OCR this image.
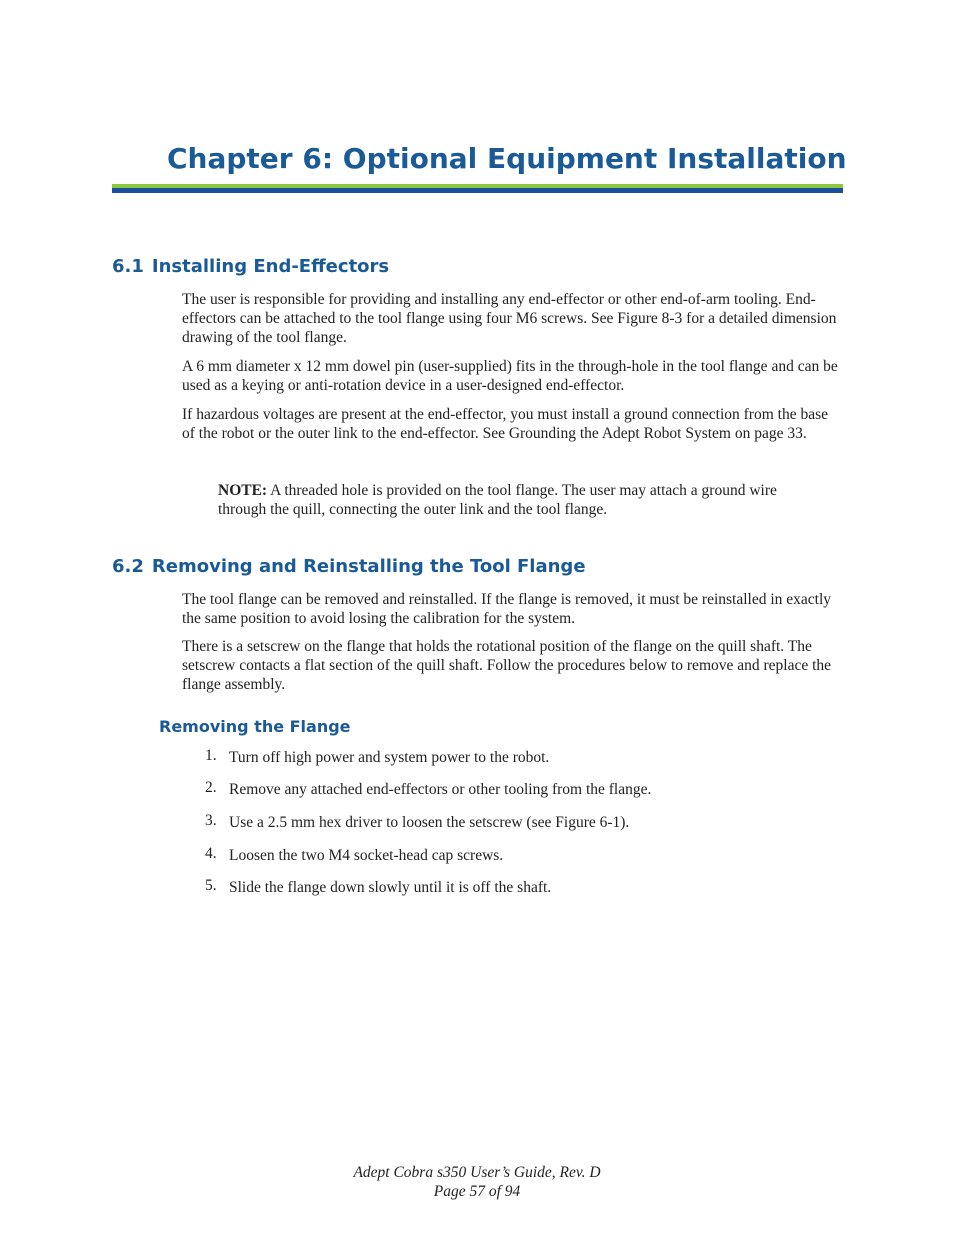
Chapter 6: Optional Equipment Installation
6.1 Installing End-Effectors

The user is responsible for providing and installing any end-effector or other end-of-arm tooling. End-effectors can be attached to the tool flange using four M6 screws. See Figure 8-3 for a detailed dimension drawing of the tool flange.

A 6 mm diameter x 12 mm dowel pin (user-supplied) fits in the through-hole in the tool flange and can be used as a keying or anti-rotation device in a user-designed end-effector.

If hazardous voltages are present at the end-effector, you must install a ground connection from the base of the robot or the outer link to the end-effector. See Grounding the Adept Robot System on page 33.

NOTE: A threaded hole is provided on the tool flange. The user may attach a ground wire through the quill, connecting the outer link and the tool flange.

6.2 Removing and Reinstalling the Tool Flange

The tool flange can be removed and reinstalled. If the flange is removed, it must be reinstalled in exactly the same position to avoid losing the calibration for the system.

There is a setscrew on the flange that holds the rotational position of the flange on the quill shaft. The setscrew contacts a flat section of the quill shaft. Follow the procedures below to remove and replace the flange assembly.

Removing the Flange
1. Turn off high power and system power to the robot.
2. Remove any attached end-effectors or other tooling from the flange.
3. Use a 2.5 mm hex driver to loosen the setscrew (see Figure 6-1).
4. Loosen the two M4 socket-head cap screws.
5. Slide the flange down slowly until it is off the shaft.

Adept Cobra s350 User’s Guide, Rev. D

Page 57 of 94
